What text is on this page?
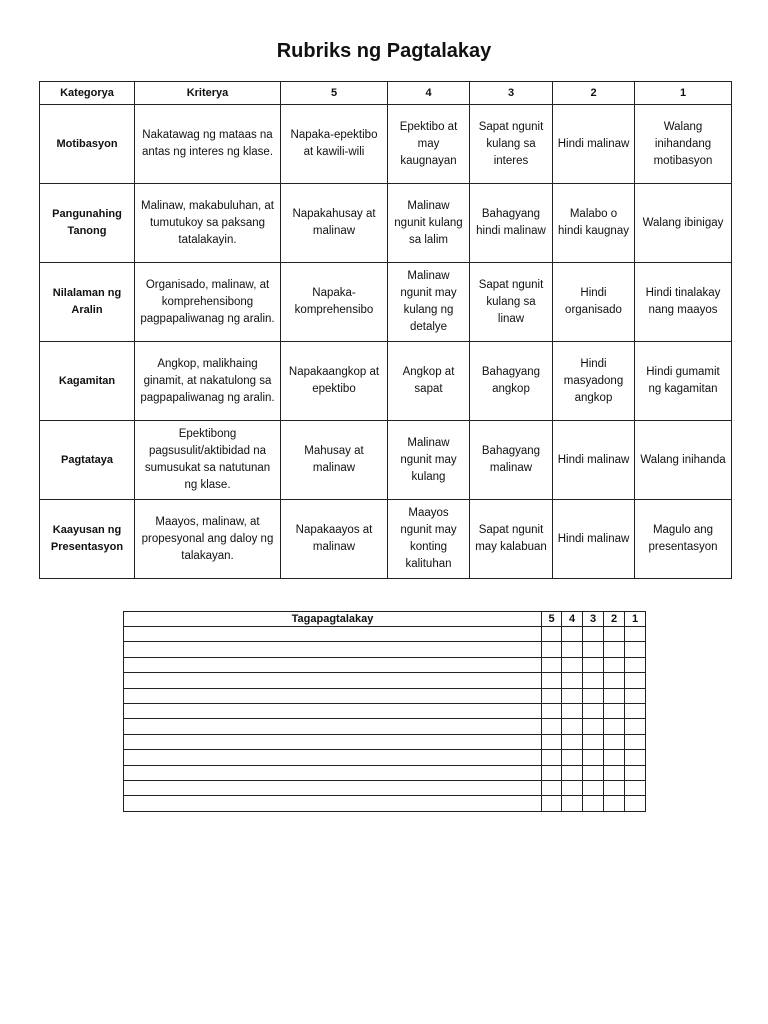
Rubriks ng Pagtalakay
Kategorya	Kriterya	5	4	3	2	1
Motibasyon	Nakatawag ng mataas na antas ng interes ng klase.	Napaka-epektibo at kawili-wili	Epektibo at may kaugnayan	Sapat ngunit kulang sa interes	Hindi malinaw	Walang inihandang motibasyon
Pangunahing Tanong	Malinaw, makabuluhan, at tumutukoy sa paksang tatalakayin.	Napakahusay at malinaw	Malinaw ngunit kulang sa lalim	Bahagyang hindi malinaw	Malabo o hindi kaugnay	Walang ibinigay
Nilalaman ng Aralin	Organisado, malinaw, at komprehensibong pagpapaliwanag ng aralin.	Napaka-komprehensibo	Malinaw ngunit may kulang ng detalye	Sapat ngunit kulang sa linaw	Hindi organisado	Hindi tinalakay nang maayos
Kagamitan	Angkop, malikhaing ginamit, at nakatulong sa pagpapaliwanag ng aralin.	Napakaangkop at epektibo	Angkop at sapat	Bahagyang angkop	Hindi masyadong angkop	Hindi gumamit ng kagamitan
Pagtataya	Epektibong pagsusulit/aktibidad na sumusukat sa natutunan ng klase.	Mahusay at malinaw	Malinaw ngunit may kulang	Bahagyang malinaw	Hindi malinaw	Walang inihanda
Kaayusan ng Presentasyon	Maayos, malinaw, at propesyonal ang daloy ng talakayan.	Napakaayos at malinaw	Maayos ngunit may konting kalituhan	Sapat ngunit may kalabuan	Hindi malinaw	Magulo ang presentasyon
Tagapagtalakay	5	4	3	2	1
